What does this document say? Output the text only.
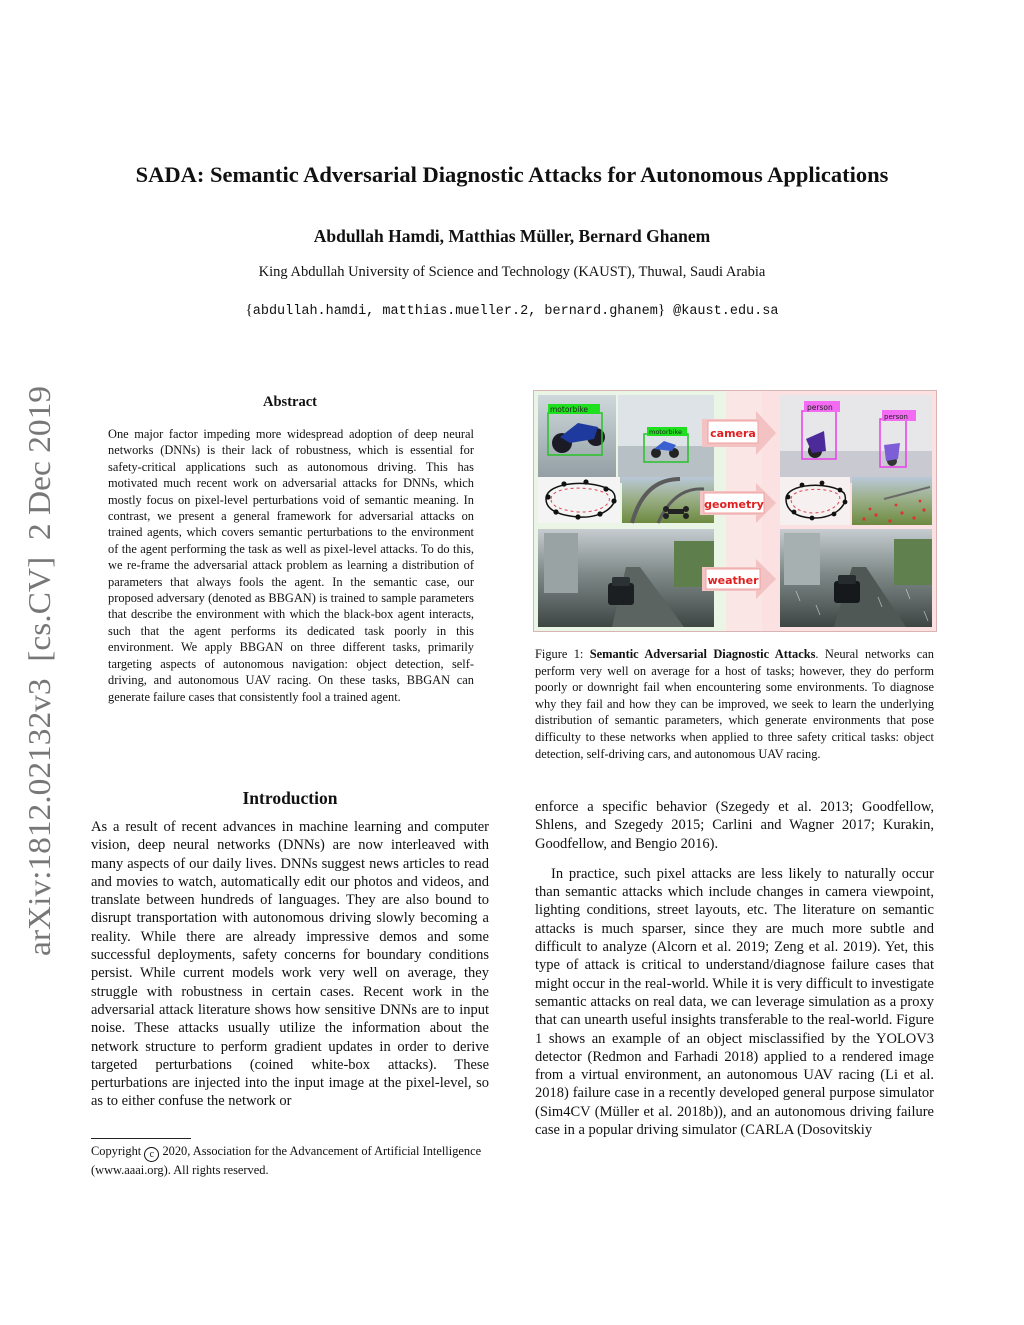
arXiv:1812.02132v3  [cs.CV]  2 Dec 2019
SADA: Semantic Adversarial Diagnostic Attacks for Autonomous Applications
Abdullah Hamdi, Matthias Müller, Bernard Ghanem
King Abdullah University of Science and Technology (KAUST), Thuwal, Saudi Arabia
{abdullah.hamdi, matthias.mueller.2, bernard.ghanem} @kaust.edu.sa
Abstract
One major factor impeding more widespread adoption of deep neural networks (DNNs) is their lack of robustness, which is essential for safety-critical applications such as autonomous driving. This has motivated much recent work on adversarial attacks for DNNs, which mostly focus on pixel-level perturbations void of semantic meaning. In contrast, we present a general framework for adversarial attacks on trained agents, which covers semantic perturbations to the environment of the agent performing the task as well as pixel-level attacks. To do this, we re-frame the adversarial attack problem as learning a distribution of parameters that always fools the agent. In the semantic case, our proposed adversary (denoted as BBGAN) is trained to sample parameters that describe the environment with which the black-box agent interacts, such that the agent performs its dedicated task poorly in this environment. We apply BBGAN on three different tasks, primarily targeting aspects of autonomous navigation: object detection, self-driving, and autonomous UAV racing. On these tasks, BBGAN can generate failure cases that consistently fool a trained agent.
Introduction
As a result of recent advances in machine learning and computer vision, deep neural networks (DNNs) are now interleaved with many aspects of our daily lives. DNNs suggest news articles to read and movies to watch, automatically edit our photos and videos, and translate between hundreds of languages. They are also bound to disrupt transportation with autonomous driving slowly becoming a reality. While there are already impressive demos and some successful deployments, safety concerns for boundary conditions persist. While current models work very well on average, they struggle with robustness in certain cases. Recent work in the adversarial attack literature shows how sensitive DNNs are to input noise. These attacks usually utilize the information about the network structure to perform gradient updates in order to derive targeted perturbations (coined white-box attacks). These perturbations are injected into the input image at the pixel-level, so as to either confuse the network or
Copyright c 2020, Association for the Advancement of Artificial Intelligence (www.aaai.org). All rights reserved.
motorbike
motorbike
person
person
camera
geometry
weather
Figure 1: Semantic Adversarial Diagnostic Attacks. Neural networks can perform very well on average for a host of tasks; however, they do perform poorly or downright fail when encountering some environments. To diagnose why they fail and how they can be improved, we seek to learn the underlying distribution of semantic parameters, which generate environments that pose difficulty to these networks when applied to three safety critical tasks: object detection, self-driving cars, and autonomous UAV racing.

enforce a specific behavior (Szegedy et al. 2013; Goodfellow, Shlens, and Szegedy 2015; Carlini and Wagner 2017; Kurakin, Goodfellow, and Bengio 2016).

In practice, such pixel attacks are less likely to naturally occur than semantic attacks which include changes in camera viewpoint, lighting conditions, street layouts, etc. The literature on semantic attacks is much sparser, since they are much more subtle and difficult to analyze (Alcorn et al. 2019; Zeng et al. 2019). Yet, this type of attack is critical to understand/diagnose failure cases that might occur in the real-world. While it is very difficult to investigate semantic attacks on real data, we can leverage simulation as a proxy that can unearth useful insights transferable to the real-world. Figure 1 shows an example of an object misclassified by the YOLOV3 detector (Redmon and Farhadi 2018) applied to a rendered image from a virtual environment, an autonomous UAV racing (Li et al. 2018) failure case in a recently developed general purpose simulator (Sim4CV (Müller et al. 2018b)), and an autonomous driving failure case in a popular driving simulator (CARLA (Dosovitskiy
